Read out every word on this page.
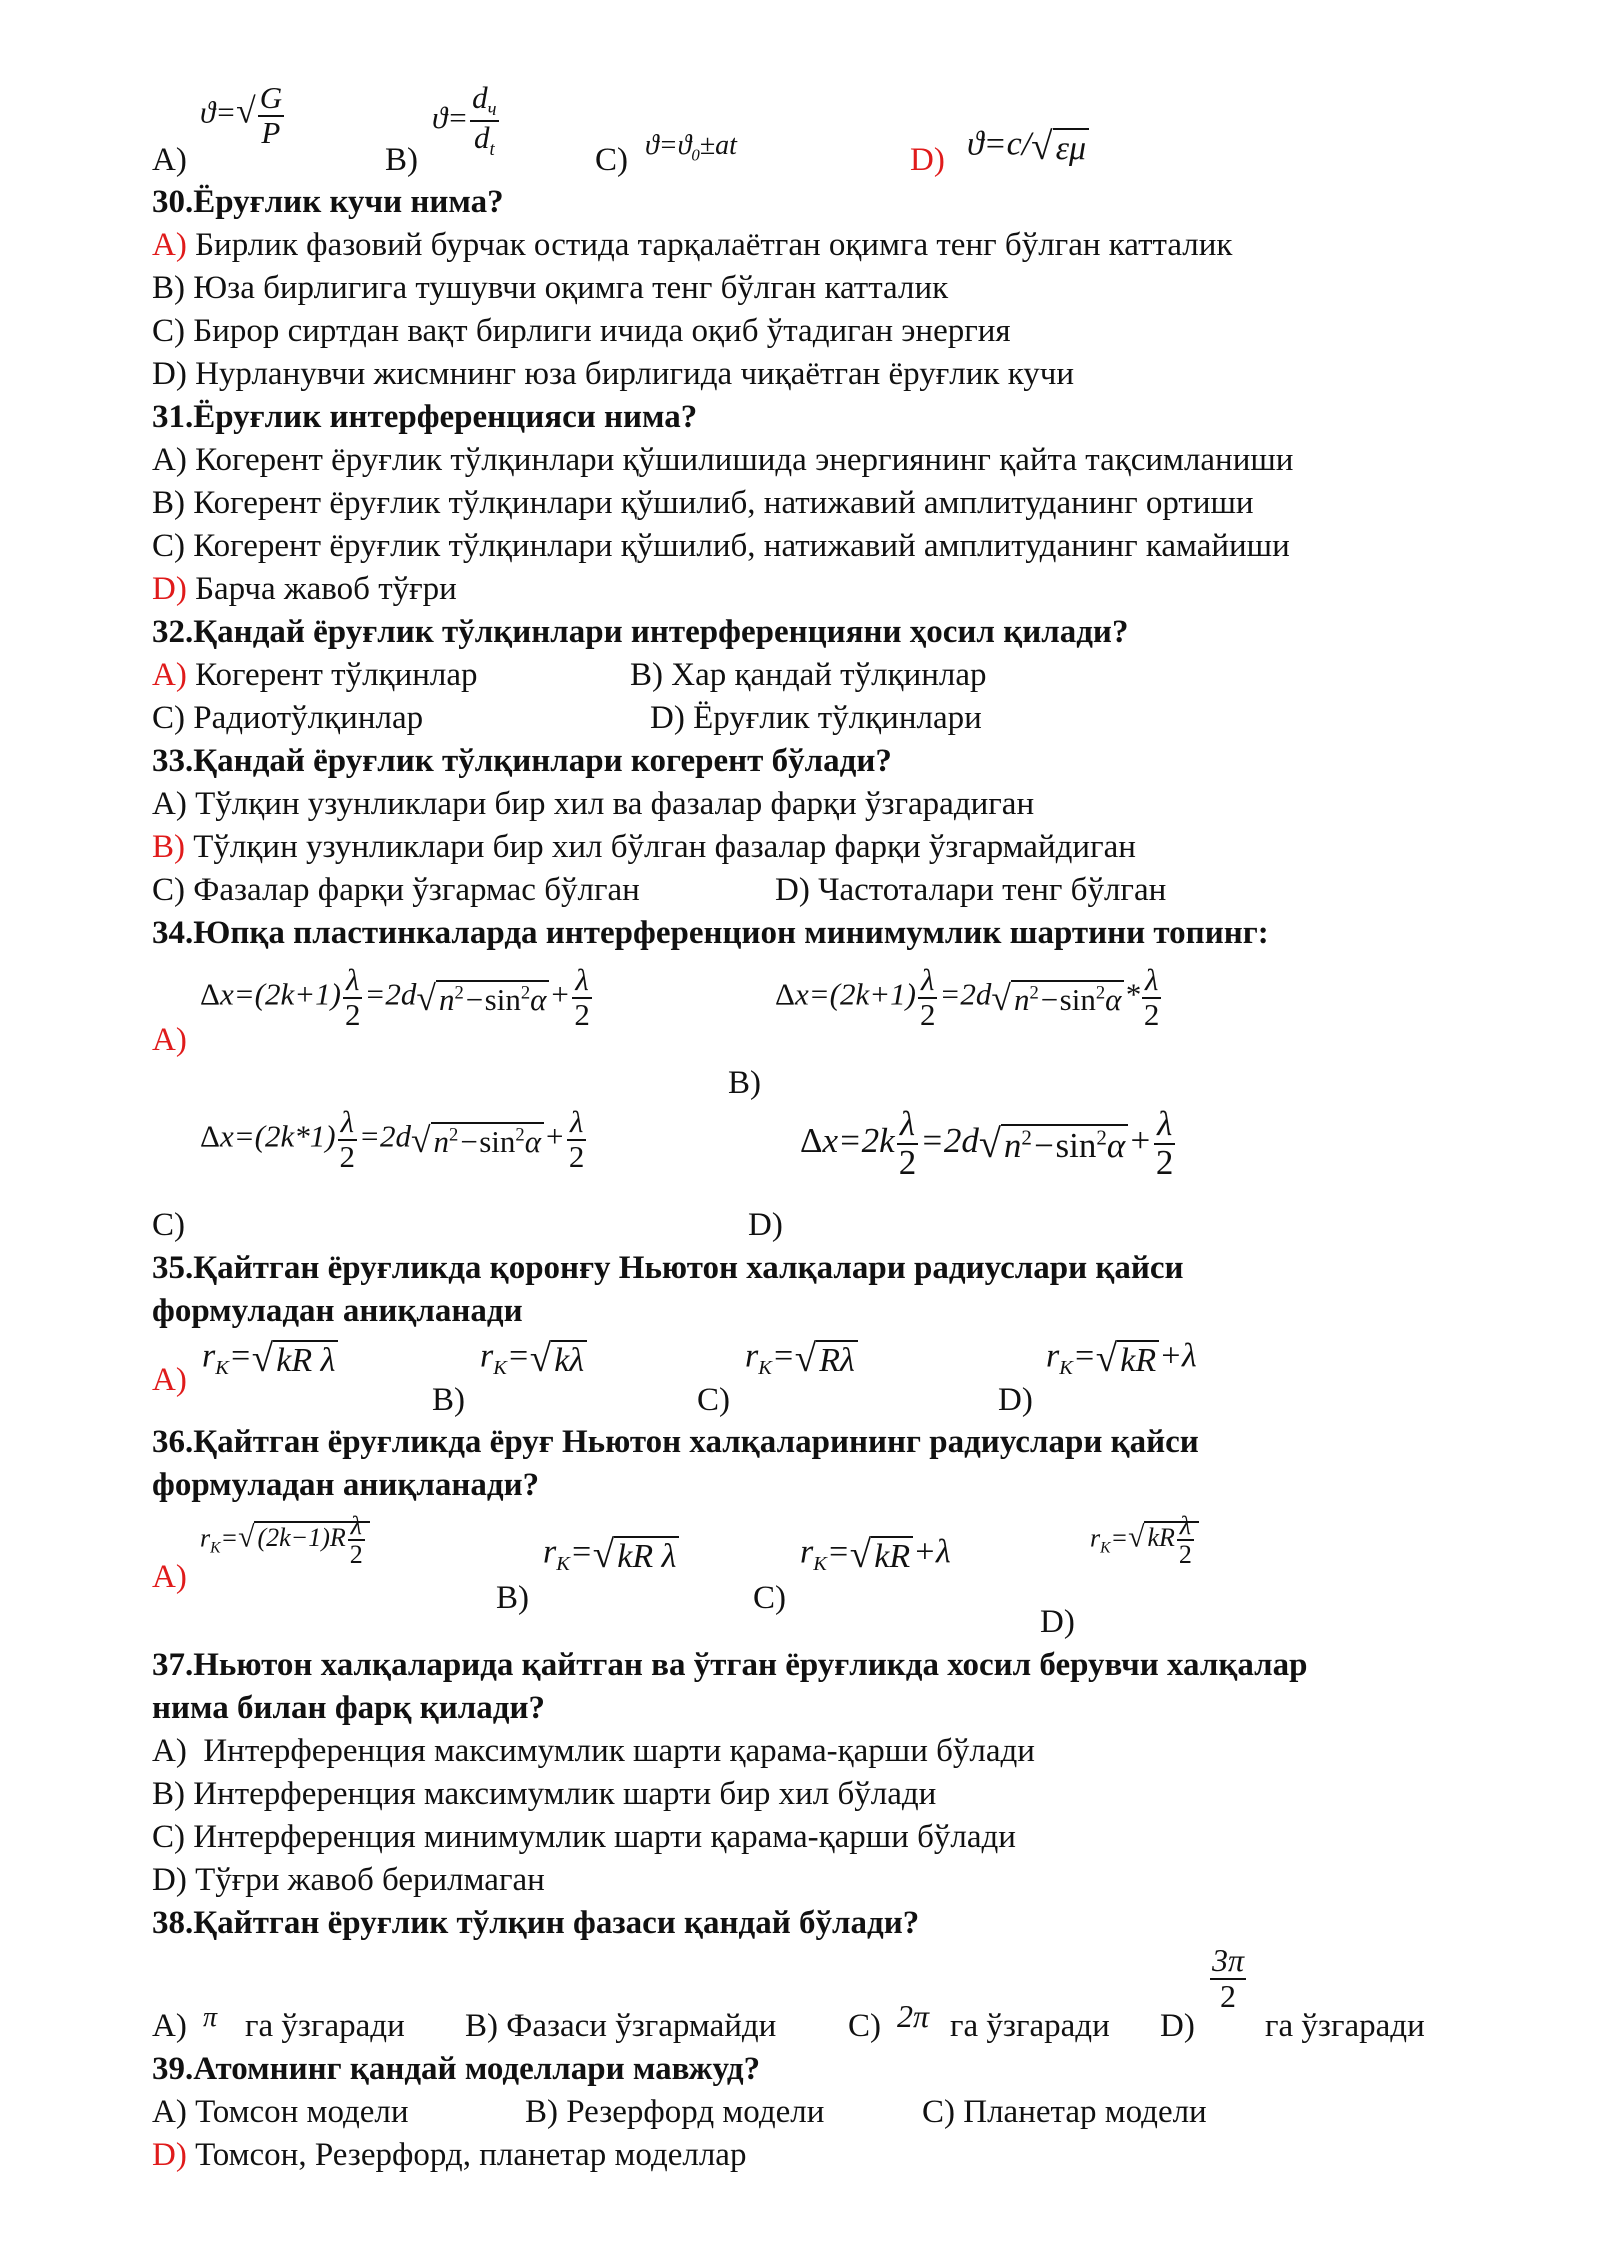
A)
$ϑ=√ \frac{G}{P}$
B)
$ϑ= \frac{d_ч}{d_t}$
C) $ϑ=ϑ_0\pm at$	D) ϑ=c/√εμ
30.Ёруғлик кучи нима?
A) Бирлик фазовий бурчак остида тарқалаётган оқимга тенг бўлган катталик
B) Юза бирлигига тушувчи оқимга тенг бўлган катталик
C) Бирор сиртдан вақт бирлиги ичида оқиб ўтадиган энергия
D) Нурланувчи жисмнинг юза бирлигида чиқаётган ёруғлик кучи
31.Ёруғлик интерференцияси нима?
A) Когерент ёруғлик тўлқинлари қўшилишида энергиянинг қайта тақсимланиши
B) Когерент ёруғлик тўлқинлари қўшилиб, натижавий амплитуданинг ортиши
C) Когерент ёруғлик тўлқинлари қўшилиб, натижавий амплитуданинг камайиши
D) Барча жавоб тўғри
32.Қандай ёруғлик тўлқинлари интерференцияни ҳосил қилади?
A) Когерент тўлқинлар	B) Хар қандай тўлқинлар
C) Радиотўлқинлар	D) Ёруғлик тўлқинлари
33.Қандай ёруғлик тўлқинлари когерент бўлади?
A) Тўлқин узунликлари бир хил ва фазалар фарқи ўзгарадиган
B) Тўлқин узунликлари бир хил бўлган фазалар фарқи ўзгармайдиган
C) Фазалар фарқи ўзгармас бўлган	D) Частоталари тенг бўлган
34.Юпқа пластинкаларда интерференцион минимумлик шартини топинг:
$\Delta x=(2k+1) \frac{\lambda}{2} =2d√n^2-\sin^2\alpha+ \frac{\lambda}{2}$
A)
$\Delta x=(2k+1) \frac{\lambda}{2} =2d√n^2-\sin^2\alpha* \frac{\lambda}{2}$
B)
$\Delta x=(2k*1) \frac{\lambda}{2} =2d√n^2-\sin^2\alpha+ \frac{\lambda}{2}$	$\Delta x=2k \frac{\lambda}{2} =2d√n^2-\sin^2\alpha+ \frac{\lambda}{2}$
C)	D)
35.Қайтган ёруғликда қоронғу Ньютон халқалари радиуслари қайси
формуладан аниқланади
A)
$r_K=√kR$ λ
B)
$r_K=√k\lambda$
C)
$r_K=√R\lambda$
D)
$r_K=√kR+\lambda$
36.Қайтган ёруғликда ёруғ Ньютон халқаларининг радиуслари қайси
формуладан аниқланади?
A)
$r_K=√$ $(2k-1)R \frac{\lambda}{2}$
B)
$r_K=√kR$ λ
C)
$r_K=√kR+\lambda$
D)
$r_K=√$ kR $\frac{\lambda}{2}$
37.Ньютон халқаларида қайтган ва ўтган ёруғликда хосил берувчи халқалар
нима билан фарқ қилади?
A)  Интерференция максимумлик шарти қарама-қарши бўлади
B) Интерференция максимумлик шарти бир хил бўлади
C) Интерференция минимумлик шарти қарама-қарши бўлади
D) Тўғри жавоб берилмаган
38.Қайтган ёруғлик тўлқин фазаси қандай бўлади?
A) π га ўзгаради B) Фазаси ўзгармайди C) 2π га ўзгаради D)
$\frac{3\pi}{2}$
га ўзгаради
39.Атомнинг қандай моделлари мавжуд?
A) Томсон модели	B) Резерфорд модели	C) Планетар модели
D) Томсон, Резерфорд, планетар моделлар
